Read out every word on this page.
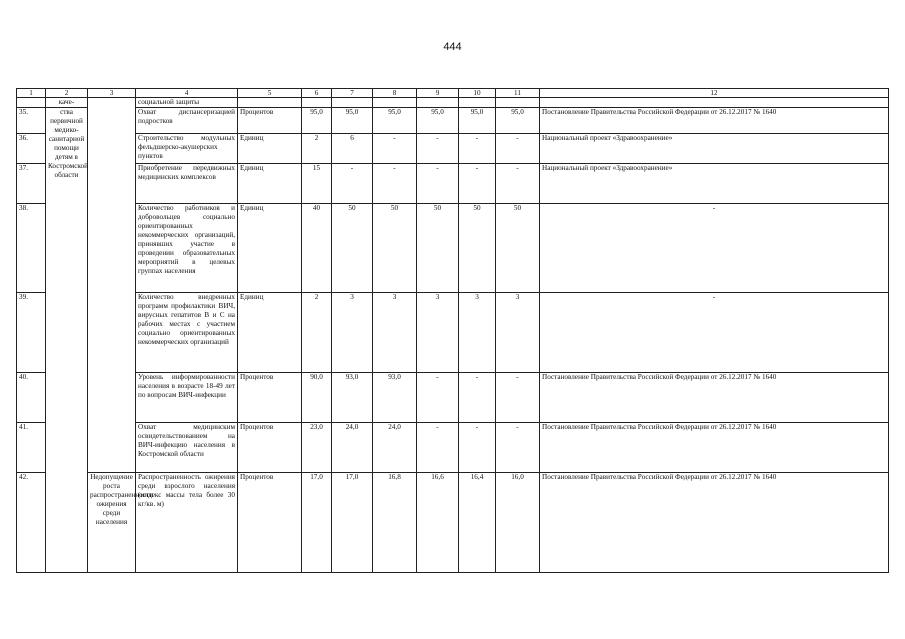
444
1	2	3	4	5	6	7	8	9	10	11	12
	каче-		социальной защиты								
35.	ства первичной медико-санитарной помощи детям в Костромской области		Охват диспансеризацией подростков	Процентов	95,0	95,0	95,0	95,0	95,0	95,0	Постановление Правительства Российской Федерации от 26.12.2017 № 1640
36.			Строительство модульных фельдшерско-акушерских пунктов	Единиц	2	6	-	-	-	-	Национальный проект «Здравоохранение»
37.			Приобретение передвижных медицинских комплексов	Единиц	15	-	-	-	-	-	Национальный проект «Здравоохранение»
38.			Количество работников и добровольцев социально ориентированных некоммерческих организаций, принявших участие в проведении образовательных мероприятий в целевых группах населения	Единиц	40	50	50	50	50	50	-
39.			Количество внедренных программ профилактики ВИЧ, вирусных гепатитов В и С на рабочих местах с участием социально ориентированных некоммерческих организаций	Единиц	2	3	3	3	3	3	-
40.			Уровень информированности населения в возрасте 18-49 лет по вопросам ВИЧ-инфекции	Процентов	90,0	93,0	93,0	-	-	-	Постановление Правительства Российской Федерации от 26.12.2017 № 1640
41.			Охват медицинским освидетельствованием на ВИЧ-инфекцию населения в Костромской области	Процентов	23,0	24,0	24,0	-	-	-	Постановление Правительства Российской Федерации от 26.12.2017 № 1640
42.		Недопущение роста распространенности ожирения среди населения	Распространенность ожирения среди взрослого населения (индекс массы тела более 30 кг/кв. м)	Процентов	17,0	17,0	16,8	16,6	16,4	16,0	Постановление Правительства Российской Федерации от 26.12.2017 № 1640
